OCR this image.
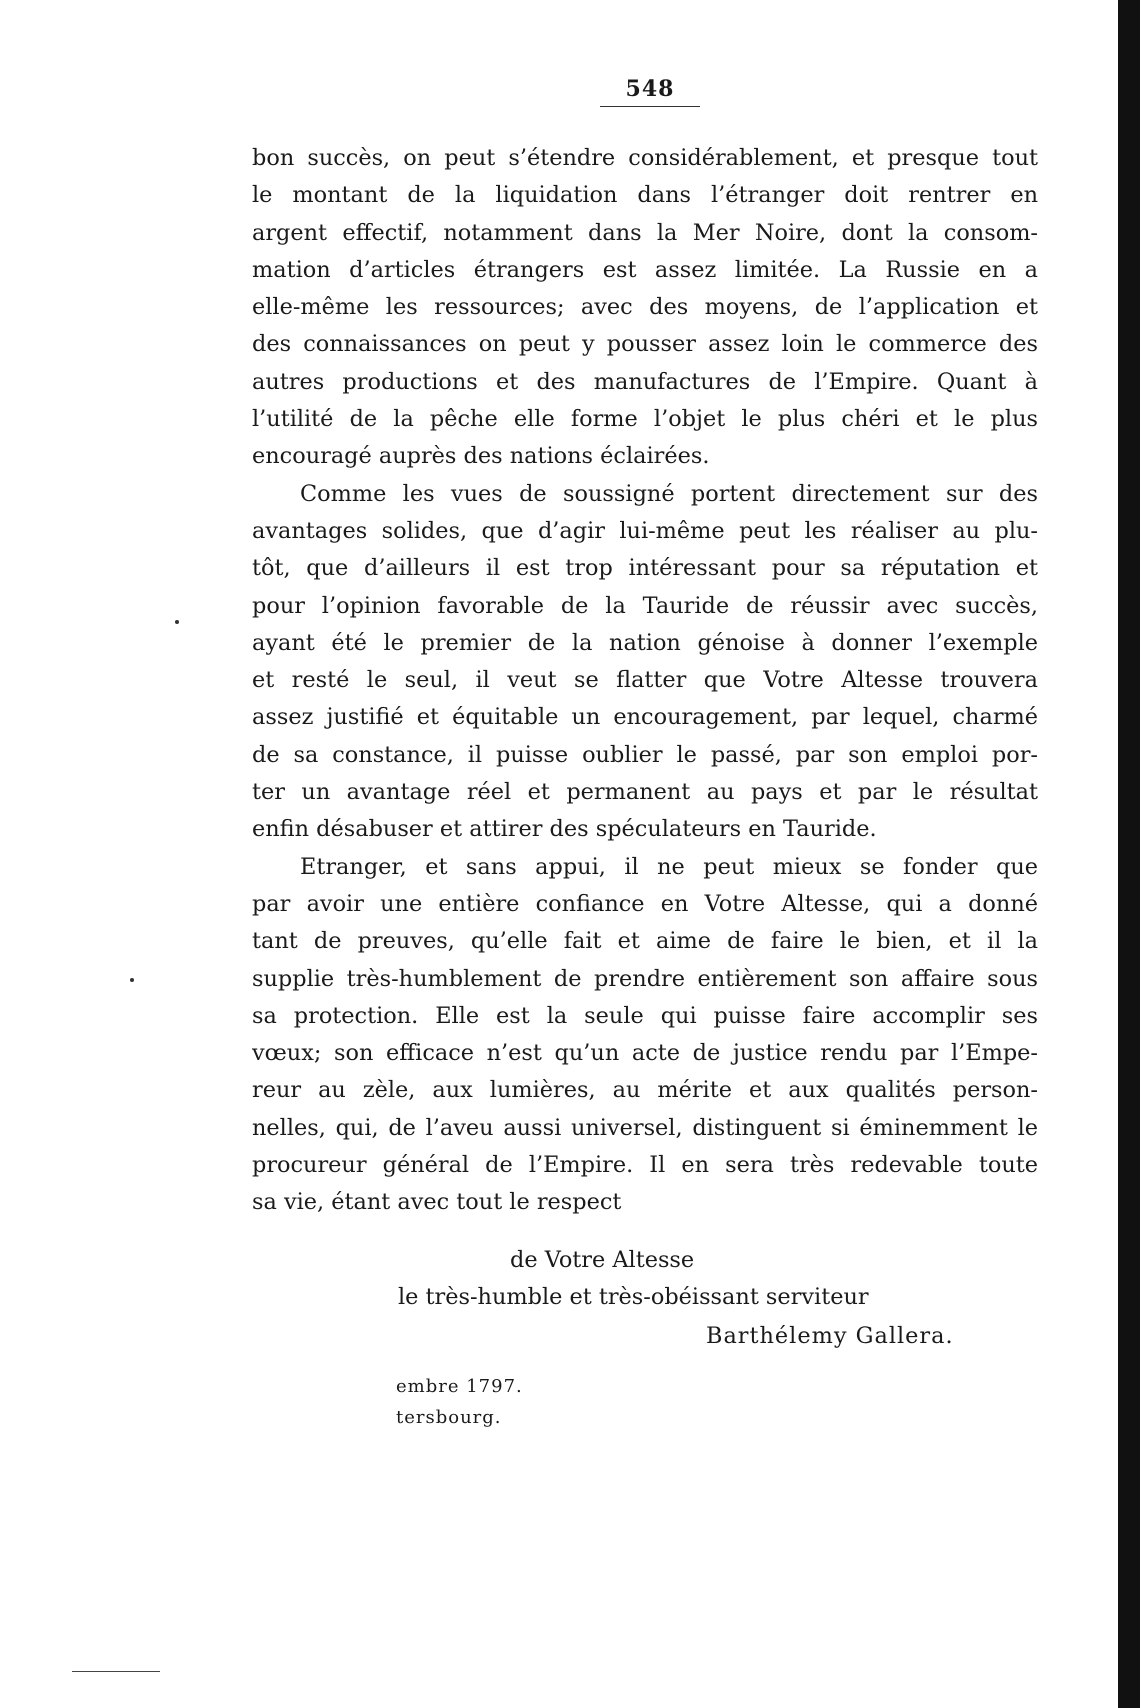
548
bon succès, on peut s’étendre considérablement, et presque tout
le montant de la liquidation dans l’étranger doit rentrer en
argent effectif, notamment dans la Mer Noire, dont la consom-
mation d’articles étrangers est assez limitée. La Russie en a
elle-même les ressources; avec des moyens, de l’application et
des connaissances on peut y pousser assez loin le commerce des
autres productions et des manufactures de l’Empire. Quant à
l’utilité de la pêche elle forme l’objet le plus chéri et le plus
encouragé auprès des nations éclairées.
Comme les vues de soussigné portent directement sur des
avantages solides, que d’agir lui-même peut les réaliser au plu-
tôt, que d’ailleurs il est trop intéressant pour sa réputation et
pour l’opinion favorable de la Tauride de réussir avec succès,
ayant été le premier de la nation génoise à donner l’exemple
et resté le seul, il veut se flatter que Votre Altesse trouvera
assez justifié et équitable un encouragement, par lequel, charmé
de sa constance, il puisse oublier le passé, par son emploi por-
ter un avantage réel et permanent au pays et par le résultat
enfin désabuser et attirer des spéculateurs en Tauride.
Etranger, et sans appui, il ne peut mieux se fonder que
par avoir une entière confiance en Votre Altesse, qui a donné
tant de preuves, qu’elle fait et aime de faire le bien, et il la
supplie très-humblement de prendre entièrement son affaire sous
sa protection. Elle est la seule qui puisse faire accomplir ses
vœux; son efficace n’est qu’un acte de justice rendu par l’Empe-
reur au zèle, aux lumières, au mérite et aux qualités person-
nelles, qui, de l’aveu aussi universel, distinguent si éminemment le
procureur général de l’Empire. Il en sera très redevable toute
sa vie, étant avec tout le respect
de Votre Altesse
le très-humble et très-obéissant serviteur
Barthélemy Gallera.
embre 1797.
tersbourg.
